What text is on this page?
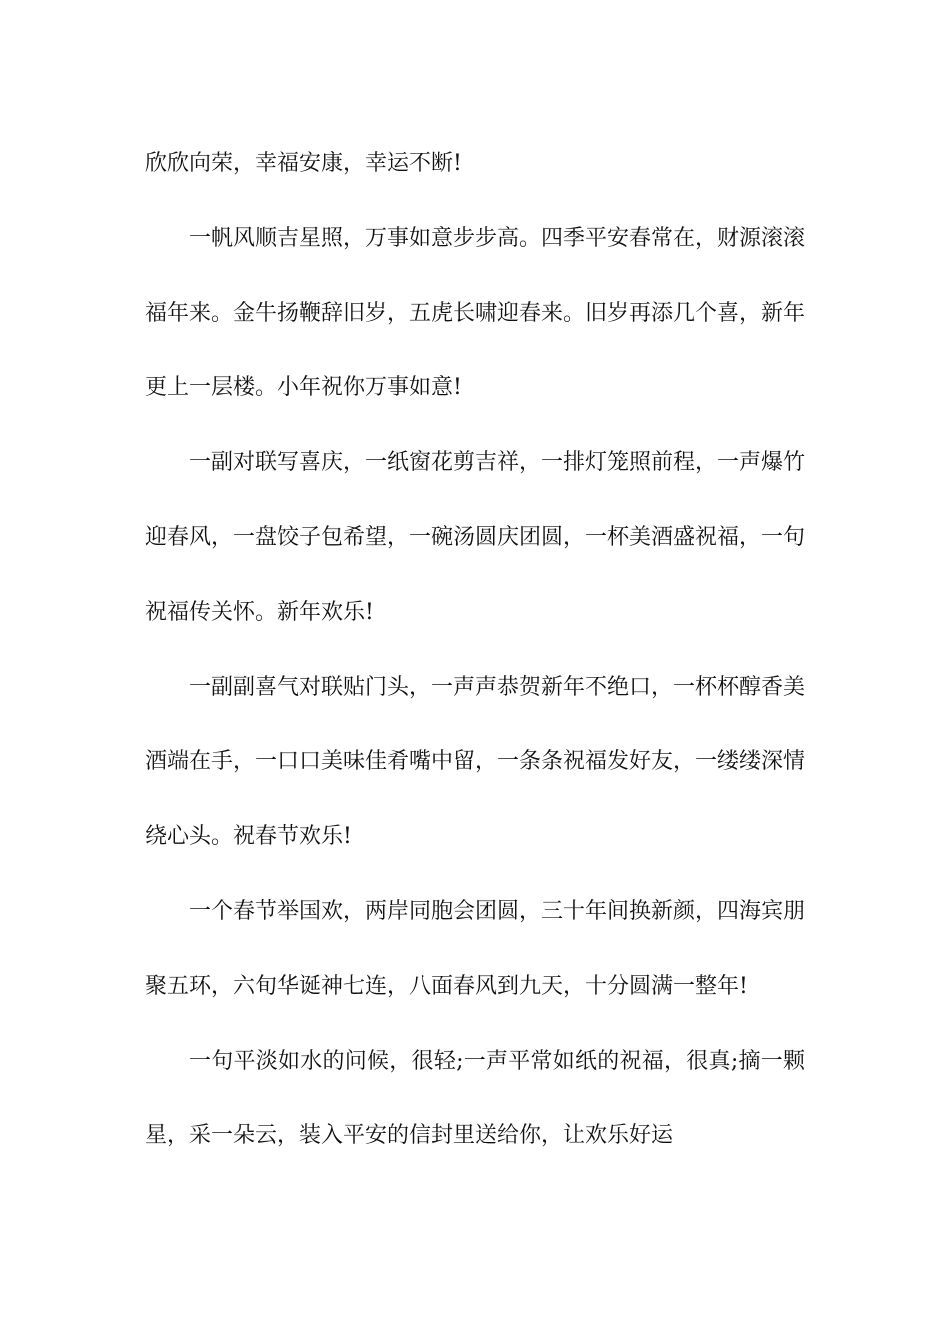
欣欣向荣，幸福安康，幸运不断!

一帆风顺吉星照，万事如意步步高。四季平安春常在，财源滚滚福年来。金牛扬鞭辞旧岁，五虎长啸迎春来。旧岁再添几个喜，新年更上一层楼。小年祝你万事如意!

一副对联写喜庆，一纸窗花剪吉祥，一排灯笼照前程，一声爆竹迎春风，一盘饺子包希望，一碗汤圆庆团圆，一杯美酒盛祝福，一句祝福传关怀。新年欢乐!

一副副喜气对联贴门头，一声声恭贺新年不绝口，一杯杯醇香美酒端在手，一口口美味佳肴嘴中留，一条条祝福发好友，一缕缕深情绕心头。祝春节欢乐!

一个春节举国欢，两岸同胞会团圆，三十年间换新颜，四海宾朋聚五环，六旬华诞神七连，八面春风到九天，十分圆满一整年!

一句平淡如水的问候，很轻;一声平常如纸的祝福，很真;摘一颗星，采一朵云，装入平安的信封里送给你，让欢乐好运
